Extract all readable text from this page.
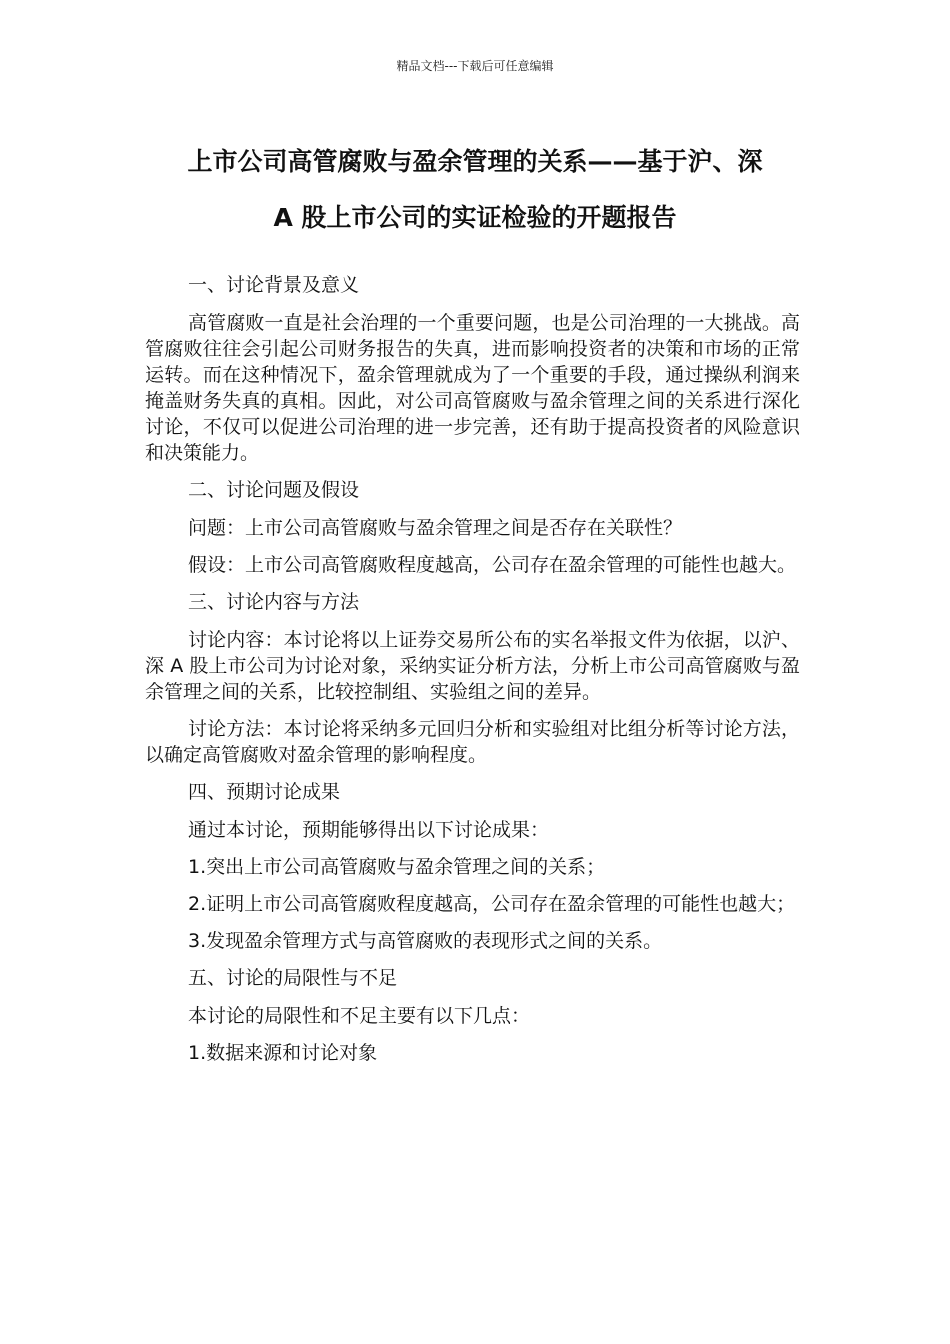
精品文档---下载后可任意编辑
上市公司高管腐败与盈余管理的关系——基于沪、深
A 股上市公司的实证检验的开题报告

一、讨论背景及意义

高管腐败一直是社会治理的一个重要问题，也是公司治理的一大挑战。高管腐败往往会引起公司财务报告的失真，进而影响投资者的决策和市场的正常运转。而在这种情况下，盈余管理就成为了一个重要的手段，通过操纵利润来掩盖财务失真的真相。因此，对公司高管腐败与盈余管理之间的关系进行深化讨论，不仅可以促进公司治理的进一步完善，还有助于提高投资者的风险意识和决策能力。

二、讨论问题及假设

问题：上市公司高管腐败与盈余管理之间是否存在关联性？

假设：上市公司高管腐败程度越高，公司存在盈余管理的可能性也越大。

三、讨论内容与方法

讨论内容：本讨论将以上证券交易所公布的实名举报文件为依据，以沪、深 A 股上市公司为讨论对象，采纳实证分析方法，分析上市公司高管腐败与盈余管理之间的关系，比较控制组、实验组之间的差异。

讨论方法：本讨论将采纳多元回归分析和实验组对比组分析等讨论方法，以确定高管腐败对盈余管理的影响程度。

四、预期讨论成果

通过本讨论，预期能够得出以下讨论成果：

1.突出上市公司高管腐败与盈余管理之间的关系；

2.证明上市公司高管腐败程度越高，公司存在盈余管理的可能性也越大；

3.发现盈余管理方式与高管腐败的表现形式之间的关系。

五、讨论的局限性与不足

本讨论的局限性和不足主要有以下几点：

1.数据来源和讨论对象
